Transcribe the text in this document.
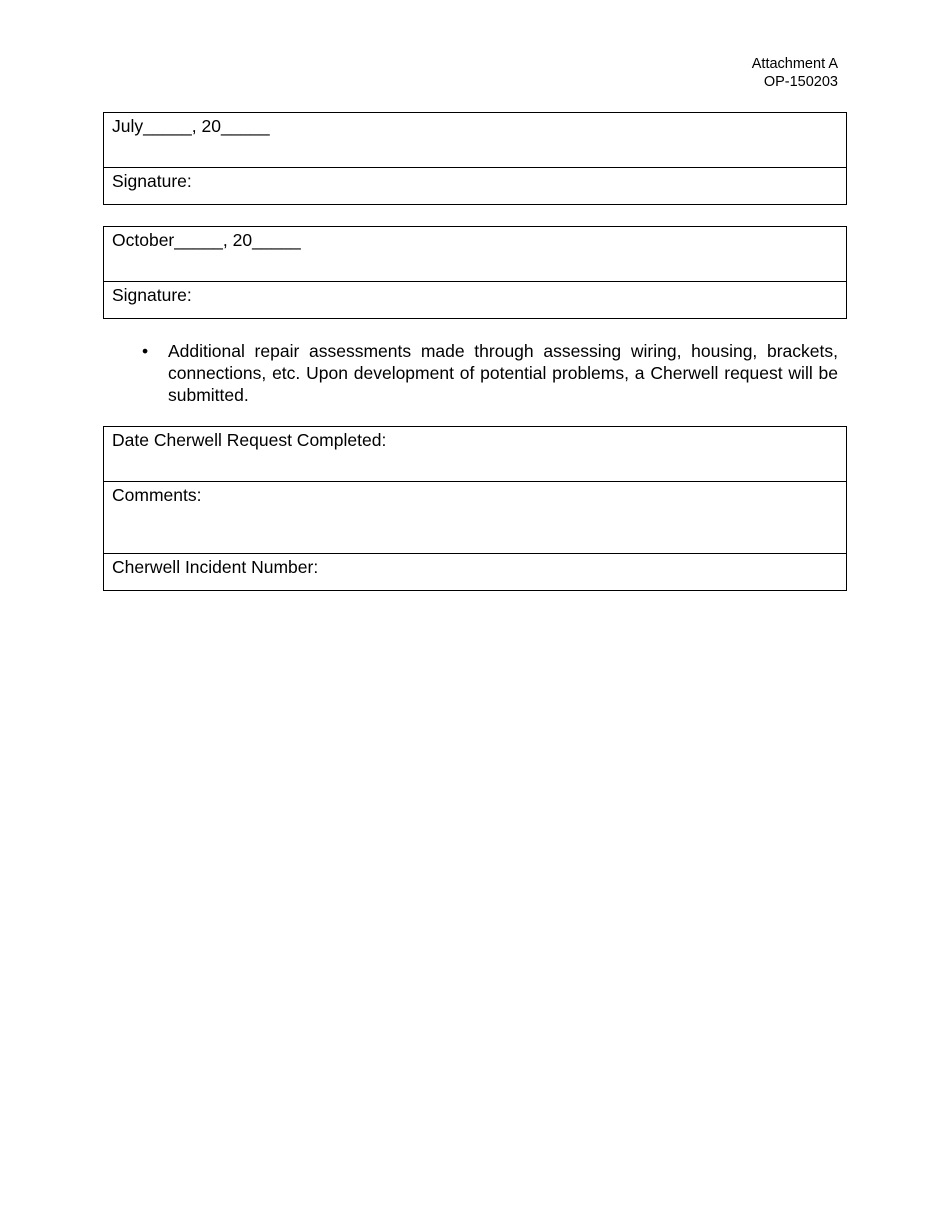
Attachment A
OP-150203
July_____, 20_____
Signature:
October_____, 20_____
Signature:
• Additional repair assessments made through assessing wiring, housing, brackets, connections, etc. Upon development of potential problems, a Cherwell request will be submitted.
Date Cherwell Request Completed:
Comments:
Cherwell Incident Number:
